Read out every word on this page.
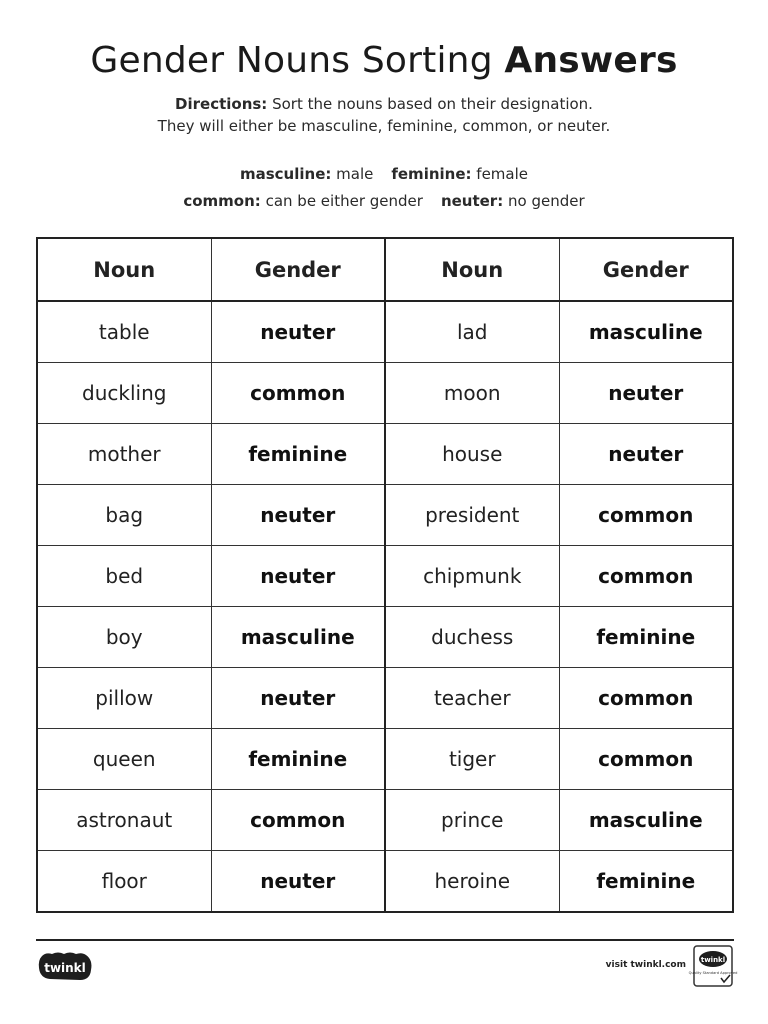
Gender Nouns Sorting Answers
Directions: Sort the nouns based on their designation.
They will either be masculine, feminine, common, or neuter.
masculine: male feminine: female
common: can be either gender neuter: no gender
Noun	Gender	Noun	Gender
table	neuter	lad	masculine
duckling	common	moon	neuter
mother	feminine	house	neuter
bag	neuter	president	common
bed	neuter	chipmunk	common
boy	masculine	duchess	feminine
pillow	neuter	teacher	common
queen	feminine	tiger	common
astronaut	common	prince	masculine
floor	neuter	heroine	feminine
twinkl	visit twinkl.com twinkl
Quality Standard Approved
